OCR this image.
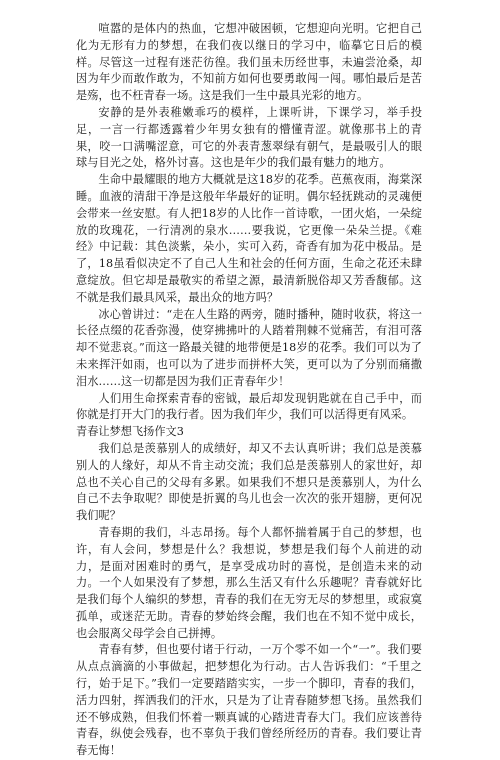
喧嚣的是体内的热血，它想冲破困顿，它想迎向光明。它把自己化为无形有力的梦想，在我们夜以继日的学习中，临摹它日后的模样。尽管这一过程有迷茫彷徨。我们虽未历经世事，未遍尝沧桑，却因为年少而敢作敢为，不知前方如何也要勇敢闯一闯。哪怕最后是苦是殇，也不枉青春一场。这是我们一生中最具光彩的地方。

安静的是外表稚嫩乖巧的模样，上课听讲，下课学习，举手投足，一言一行都透露着少年男女独有的懵懂青涩。就像那书上的青果，咬一口满嘴涩意，可它的外表青葱翠绿有朝气，是最吸引人的眼球与目光之处，格外讨喜。这也是年少的我们最有魅力的地方。

生命中最耀眼的地方大概就是这18岁的花季。芭蕉夜雨，海棠深睡。血液的清甜干净是这般年华最好的证明。偶尔轻抚跳动的灵魂便会带来一丝安慰。有人把18岁的人比作一首诗歌，一团火焰，一朵绽放的玫瑰花，一行清冽的泉水……要我说，它更像一朵朵兰提。《难经》中记载：其色淡紫，朵小，实可入药，奇香有加为花中极品。是了，18虽看似决定不了自己人生和社会的任何方面，生命之花还未肆意绽放。但它却是最敬实的希望之源，最清新脱俗却又芳香馥郁。这不就是我们最具风采，最出众的地方吗？

冰心曾讲过：“走在人生路的两旁，随时播种，随时收获，将这一长径点缀的花香弥漫，使穿拂拂叶的人踏着荆棘不觉痛苦，有泪可落却不觉悲哀。”而这一路最关键的地带便是18岁的花季。我们可以为了未来挥汗如雨，也可以为了进步而拼杯大笑，更可以为了分别而痛撒泪水……这一切都是因为我们正青春年少！

人们用生命探索青春的密钺，最后却发现钥匙就在自己手中，而你就是打开大门的我行者。因为我们年少，我们可以活得更有风采。

青春让梦想飞扬作文3

我们总是羡慕别人的成绩好，却又不去认真听讲；我们总是羡慕别人的人缘好，却从不肯主动交流；我们总是羡慕别人的家世好，却总也不关心自己的父母有多累。如果我们不想只是羡慕别人，为什么自己不去争取呢？即使是折翼的鸟儿也会一次次的张开翅膀，更何况我们呢？

青春期的我们，斗志昂扬。每个人都怀揣着属于自己的梦想，也许，有人会问，梦想是什么？我想说，梦想是我们每个人前进的动力，是面对困难时的勇气，是享受成功时的喜悦，是创造未来的动力。一个人如果没有了梦想，那么生活又有什么乐趣呢？青春就好比是我们每个人编织的梦想，青春的我们在无穷无尽的梦想里，或寂寞孤单，或迷茫无助。青春的梦始终会醒，我们也在不知不觉中成长，也会服离父母学会自己拼搏。

青春有梦，但也要付诸于行动，一万个零不如一个“一”。我们要从点点滴滴的小事做起，把梦想化为行动。古人告诉我们：“千里之行，始于足下。”我们一定要踏踏实实，一步一个脚印，青春的我们，活力四射，挥洒我们的汗水，只是为了让青春随梦想飞扬。虽然我们还不够成熟，但我们怀着一颗真诚的心踏进青春大门。我们应该善待青春，纵使会残春，也不辜负于我们曾经所经历的青春。我们要让青春无悔！
